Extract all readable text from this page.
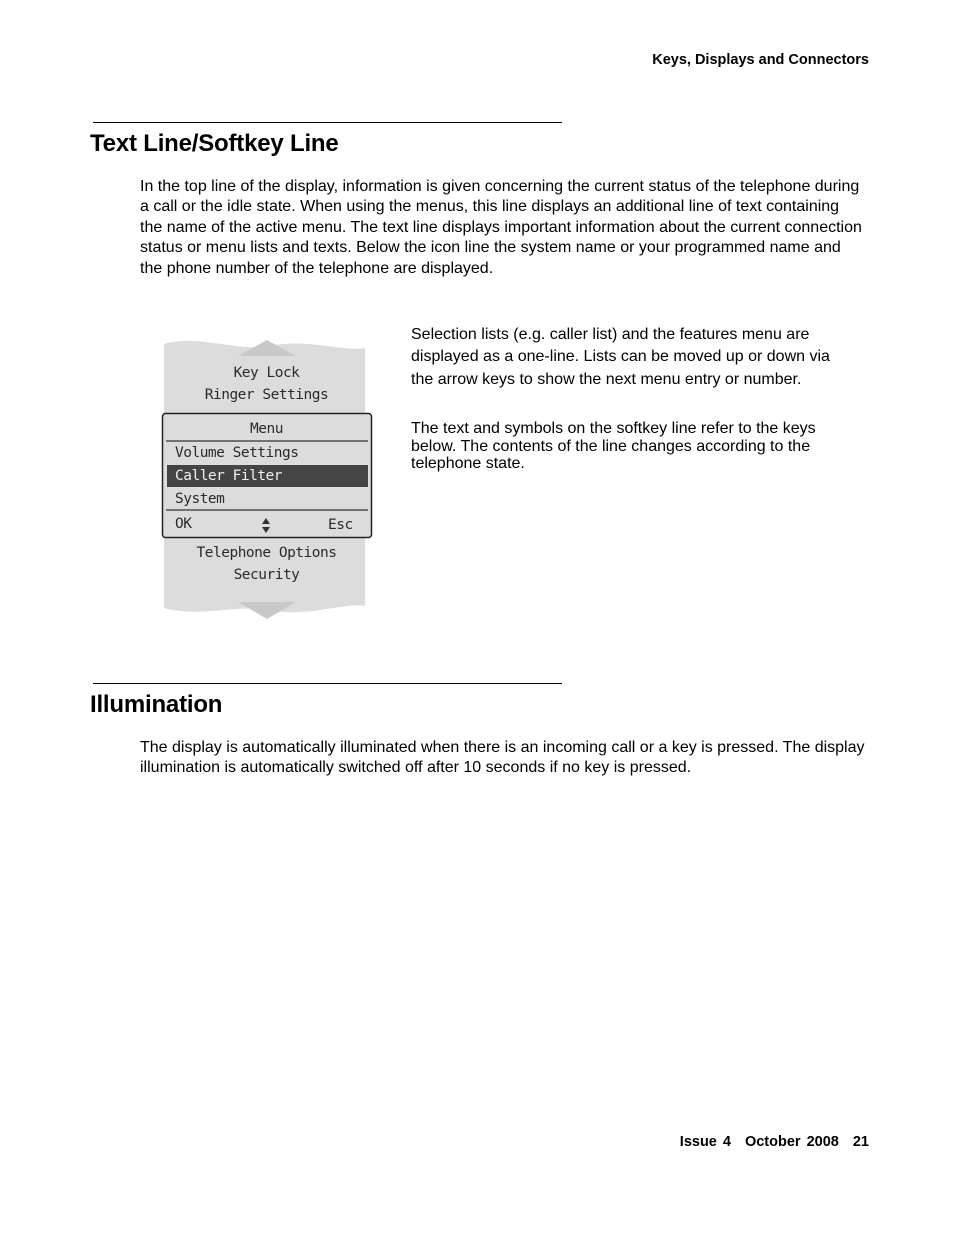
Keys, Displays and Connectors
Text Line/Softkey Line

In the top line of the display, information is given concerning the current status of the telephone during a call or the idle state. When using the menus, this line displays an additional line of text containing the name of the active menu. The text line displays important information about the current connection status or menu lists and texts. Below the icon line the system name or your programmed name and the phone number of the telephone are displayed.

Key Lock
Ringer Settings
Menu
Volume Settings
Caller Filter
System
OK	Esc
Telephone Options
Security

Selection lists (e.g. caller list) and the features menu are displayed as a one-line. Lists can be moved up or down via the arrow keys to show the next menu entry or number.

The text and symbols on the softkey line refer to the keys below. The contents of the line changes according to the telephone state.

Illumination

The display is automatically illuminated when there is an incoming call or a key is pressed. The display illumination is automatically switched off after 10 seconds if no key is pressed.

Issue 4 October 2008 21
